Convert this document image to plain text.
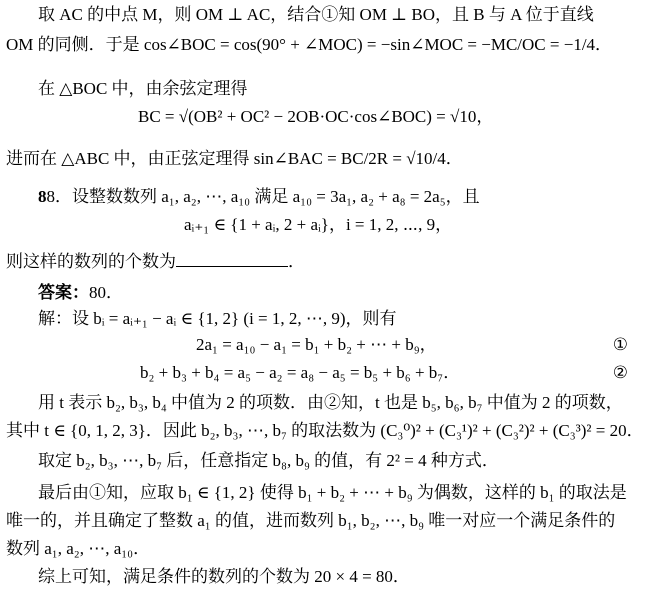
取 AC 的中点 M，则 OM ⊥ AC，结合①知 OM ⊥ BO，且 B 与 A 位于直线
OM 的同侧．于是 cos∠BOC = cos(90° + ∠MOC) = −sin∠MOC = −MC/OC = −1/4．
在 △BOC 中，由余弦定理得
BC = √(OB² + OC² − 2OB·OC·cos∠BOC) = √10，
进而在 △ABC 中，由正弦定理得 sin∠BAC = BC/2R = √10/4．
88．设整数数列 a₁, a₂, ⋯, a₁₀ 满足 a₁₀ = 3a₁, a₂ + a₈ = 2a₅，且
aᵢ₊₁ ∈ {1 + aᵢ, 2 + aᵢ}，i = 1, 2, ⋯, 9，
则这样的数列的个数为	．
答案：80．
解：设 bᵢ = aᵢ₊₁ − aᵢ ∈ {1, 2} (i = 1, 2, ⋯, 9)，则有
2a₁ = a₁₀ − a₁ = b₁ + b₂ + ⋯ + b₉，	①
b₂ + b₃ + b₄ = a₅ − a₂ = a₈ − a₅ = b₅ + b₆ + b₇．	②
用 t 表示 b₂, b₃, b₄ 中值为 2 的项数．由②知，t 也是 b₅, b₆, b₇ 中值为 2 的项数，
其中 t ∈ {0, 1, 2, 3}．因此 b₂, b₃, ⋯, b₇ 的取法数为 (C₃⁰)² + (C₃¹)² + (C₃²)² + (C₃³)² = 20．
取定 b₂, b₃, ⋯, b₇ 后，任意指定 b₈, b₉ 的值，有 2² = 4 种方式．
最后由①知，应取 b₁ ∈ {1, 2} 使得 b₁ + b₂ + ⋯ + b₉ 为偶数，这样的 b₁ 的取法是
唯一的，并且确定了整数 a₁ 的值，进而数列 b₁, b₂, ⋯, b₉ 唯一对应一个满足条件的
数列 a₁, a₂, ⋯, a₁₀．
综上可知，满足条件的数列的个数为 20 × 4 = 80．
